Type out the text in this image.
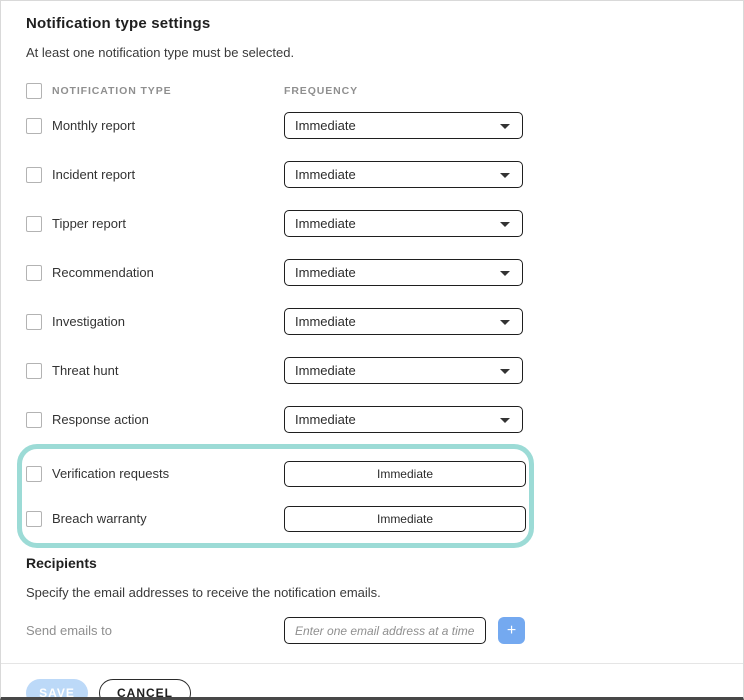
Notification type settings
At least one notification type must be selected.
NOTIFICATION TYPE	FREQUENCY
Monthly report	Immediate
Incident report	Immediate
Tipper report	Immediate
Recommendation	Immediate
Investigation	Immediate
Threat hunt	Immediate
Response action	Immediate
Verification requests	Immediate
Breach warranty	Immediate
Recipients
Specify the email addresses to receive the notification emails.
Send emails to
Enter one email address at a time	+
SAVE	CANCEL
